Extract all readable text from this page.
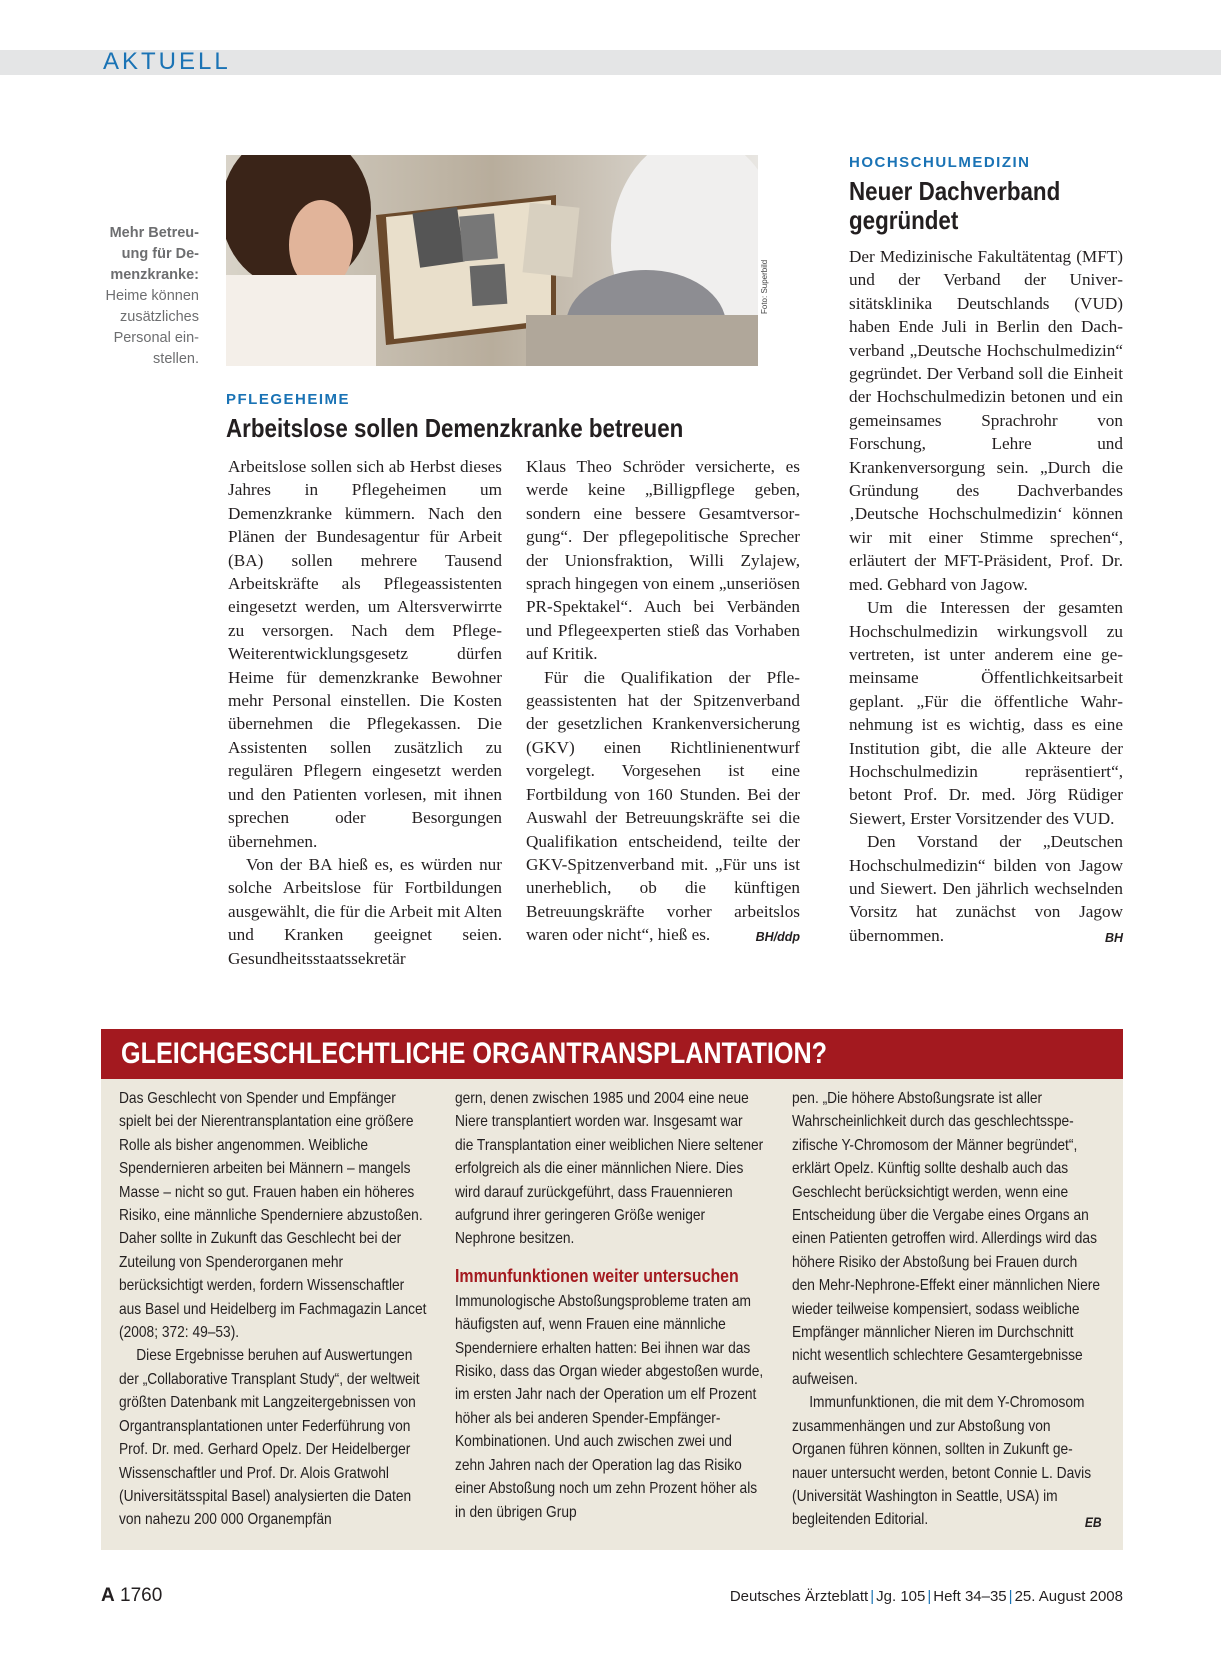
AKTUELL
Foto: Superbild
Mehr Betreu- ung für De- menzkranke: Heime können zusätzliches Personal ein- stellen.
PFLEGEHEIME
Arbeitslose sollen Demenzkranke betreuen

Arbeitslose sollen sich ab Herbst dieses Jahres in Pflegeheimen um Demenzkranke kümmern. Nach den Plänen der Bundesagentur für Arbeit (BA) sollen mehrere Tausend Arbeitskräfte als Pflegeassistenten eingesetzt werden, um Altersverwirrte zu versorgen. Nach dem Pflege-Weiterentwicklungsgesetz dürfen Heime für demenzkranke Bewohner mehr Personal einstellen. Die Kosten übernehmen die Pflegekassen. Die Assistenten sollen zusätzlich zu regulären Pflegern eingesetzt werden und den Patienten vorlesen, mit ihnen sprechen oder Besorgungen übernehmen.

Von der BA hieß es, es würden nur solche Arbeitslose für Fortbildungen ausgewählt, die für die Arbeit mit Alten und Kranken geeignet seien. Gesundheitsstaatssekretär

Klaus Theo Schröder versicherte, es werde keine „Billigpflege geben, sondern eine bessere Gesamtversorgung“. Der pflegepolitische Sprecher der Unionsfraktion, Willi Zylajew, sprach hingegen von einem „unseriösen PR-Spektakel“. Auch bei Verbänden und Pflegeexperten stieß das Vorhaben auf Kritik.

Für die Qualifikation der Pflegeassistenten hat der Spitzenverband der gesetzlichen Krankenversicherung (GKV) einen Richtlinienentwurf vorgelegt. Vorgesehen ist eine Fortbildung von 160 Stunden. Bei der Auswahl der Betreuungskräfte sei die Qualifikation entscheidend, teilte der GKV-Spitzenverband mit. „Für uns ist unerheblich, ob die künftigen Betreuungskräfte vorher arbeitslos waren oder nicht“, hieß es.	BH/ddp

HOCHSCHULMEDIZIN
Neuer Dachverband gegründet

Der Medizinische Fakultätentag (MFT) und der Verband der Universitätsklinika Deutschlands (VUD) haben Ende Juli in Berlin den Dachverband „Deutsche Hochschulmedizin“ gegründet. Der Verband soll die Einheit der Hochschulmedizin betonen und ein gemeinsames Sprachrohr von Forschung, Lehre und Krankenversorgung sein. „Durch die Gründung des Dachverbandes ‚Deutsche Hochschulmedizin‘ können wir mit einer Stimme sprechen“, erläutert der MFT-Präsident, Prof. Dr. med. Gebhard von Jagow.

Um die Interessen der gesamten Hochschulmedizin wirkungsvoll zu vertreten, ist unter anderem eine gemeinsame Öffentlichkeitsarbeit geplant. „Für die öffentliche Wahrnehmung ist es wichtig, dass es eine Institution gibt, die alle Akteure der Hochschulmedizin repräsentiert“, betont Prof. Dr. med. Jörg Rüdiger Siewert, Erster Vorsitzender des VUD.

Den Vorstand der „Deutschen Hochschulmedizin“ bilden von Jagow und Siewert. Den jährlich wechselnden Vorsitz hat zunächst von Jagow übernommen.	BH

GLEICHGESCHLECHTLICHE ORGANTRANSPLANTATION?

Das Geschlecht von Spender und Empfänger spielt bei der Nierentransplantation eine größere Rolle als bisher angenommen. Weibliche Spendernieren arbeiten bei Männern – mangels Masse – nicht so gut. Frauen haben ein höheres Risiko, eine männliche Spenderniere abzustoßen. Daher sollte in Zukunft das Geschlecht bei der Zuteilung von Spenderorganen mehr berücksichtigt werden, fordern Wissenschaftler aus Basel und Heidelberg im Fachmagazin Lancet (2008; 372: 49–53).

Diese Ergebnisse beruhen auf Auswertungen der „Collaborative Transplant Study“, der weltweit größten Datenbank mit Langzeitergebnissen von Organtransplantationen unter Federführung von Prof. Dr. med. Gerhard Opelz. Der Heidelberger Wissenschaftler und Prof. Dr. Alois Gratwohl (Universitätsspital Basel) analysierten die Daten von nahezu 200 000 Organempfän

gern, denen zwischen 1985 und 2004 eine neue Niere transplantiert worden war. Insgesamt war die Transplantation einer weiblichen Niere seltener erfolgreich als die einer männlichen Niere. Dies wird darauf zurückgeführt, dass Frauennieren aufgrund ihrer geringeren Größe weniger Nephrone besitzen.

Immunfunktionen weiter untersuchen

Immunologische Abstoßungsprobleme traten am häufigsten auf, wenn Frauen eine männliche Spenderniere erhalten hatten: Bei ihnen war das Risiko, dass das Organ wieder abgestoßen wurde, im ersten Jahr nach der Operation um elf Prozent höher als bei anderen Spender-Empfänger-Kombinationen. Und auch zwischen zwei und zehn Jahren nach der Operation lag das Risiko einer Abstoßung noch um zehn Prozent höher als in den übrigen Grup

pen. „Die höhere Abstoßungsrate ist aller Wahrscheinlichkeit durch das geschlechtsspezifische Y-Chromosom der Männer begründet“, erklärt Opelz. Künftig sollte deshalb auch das Geschlecht berücksichtigt werden, wenn eine Entscheidung über die Vergabe eines Organs an einen Patienten getroffen wird. Allerdings wird das höhere Risiko der Abstoßung bei Frauen durch den Mehr-Nephrone-Effekt einer männlichen Niere wieder teilweise kompensiert, sodass weibliche Empfänger männlicher Nieren im Durchschnitt nicht wesentlich schlechtere Gesamtergebnisse aufweisen.

Immunfunktionen, die mit dem Y-Chromosom zusammenhängen und zur Abstoßung von Organen führen können, sollten in Zukunft genauer untersucht werden, betont Connie L. Davis (Universität Washington in Seattle, USA) im begleitenden Editorial.	EB

A 1760	Deutsches Ärzteblatt | Jg. 105 | Heft 34–35 | 25. August 2008
